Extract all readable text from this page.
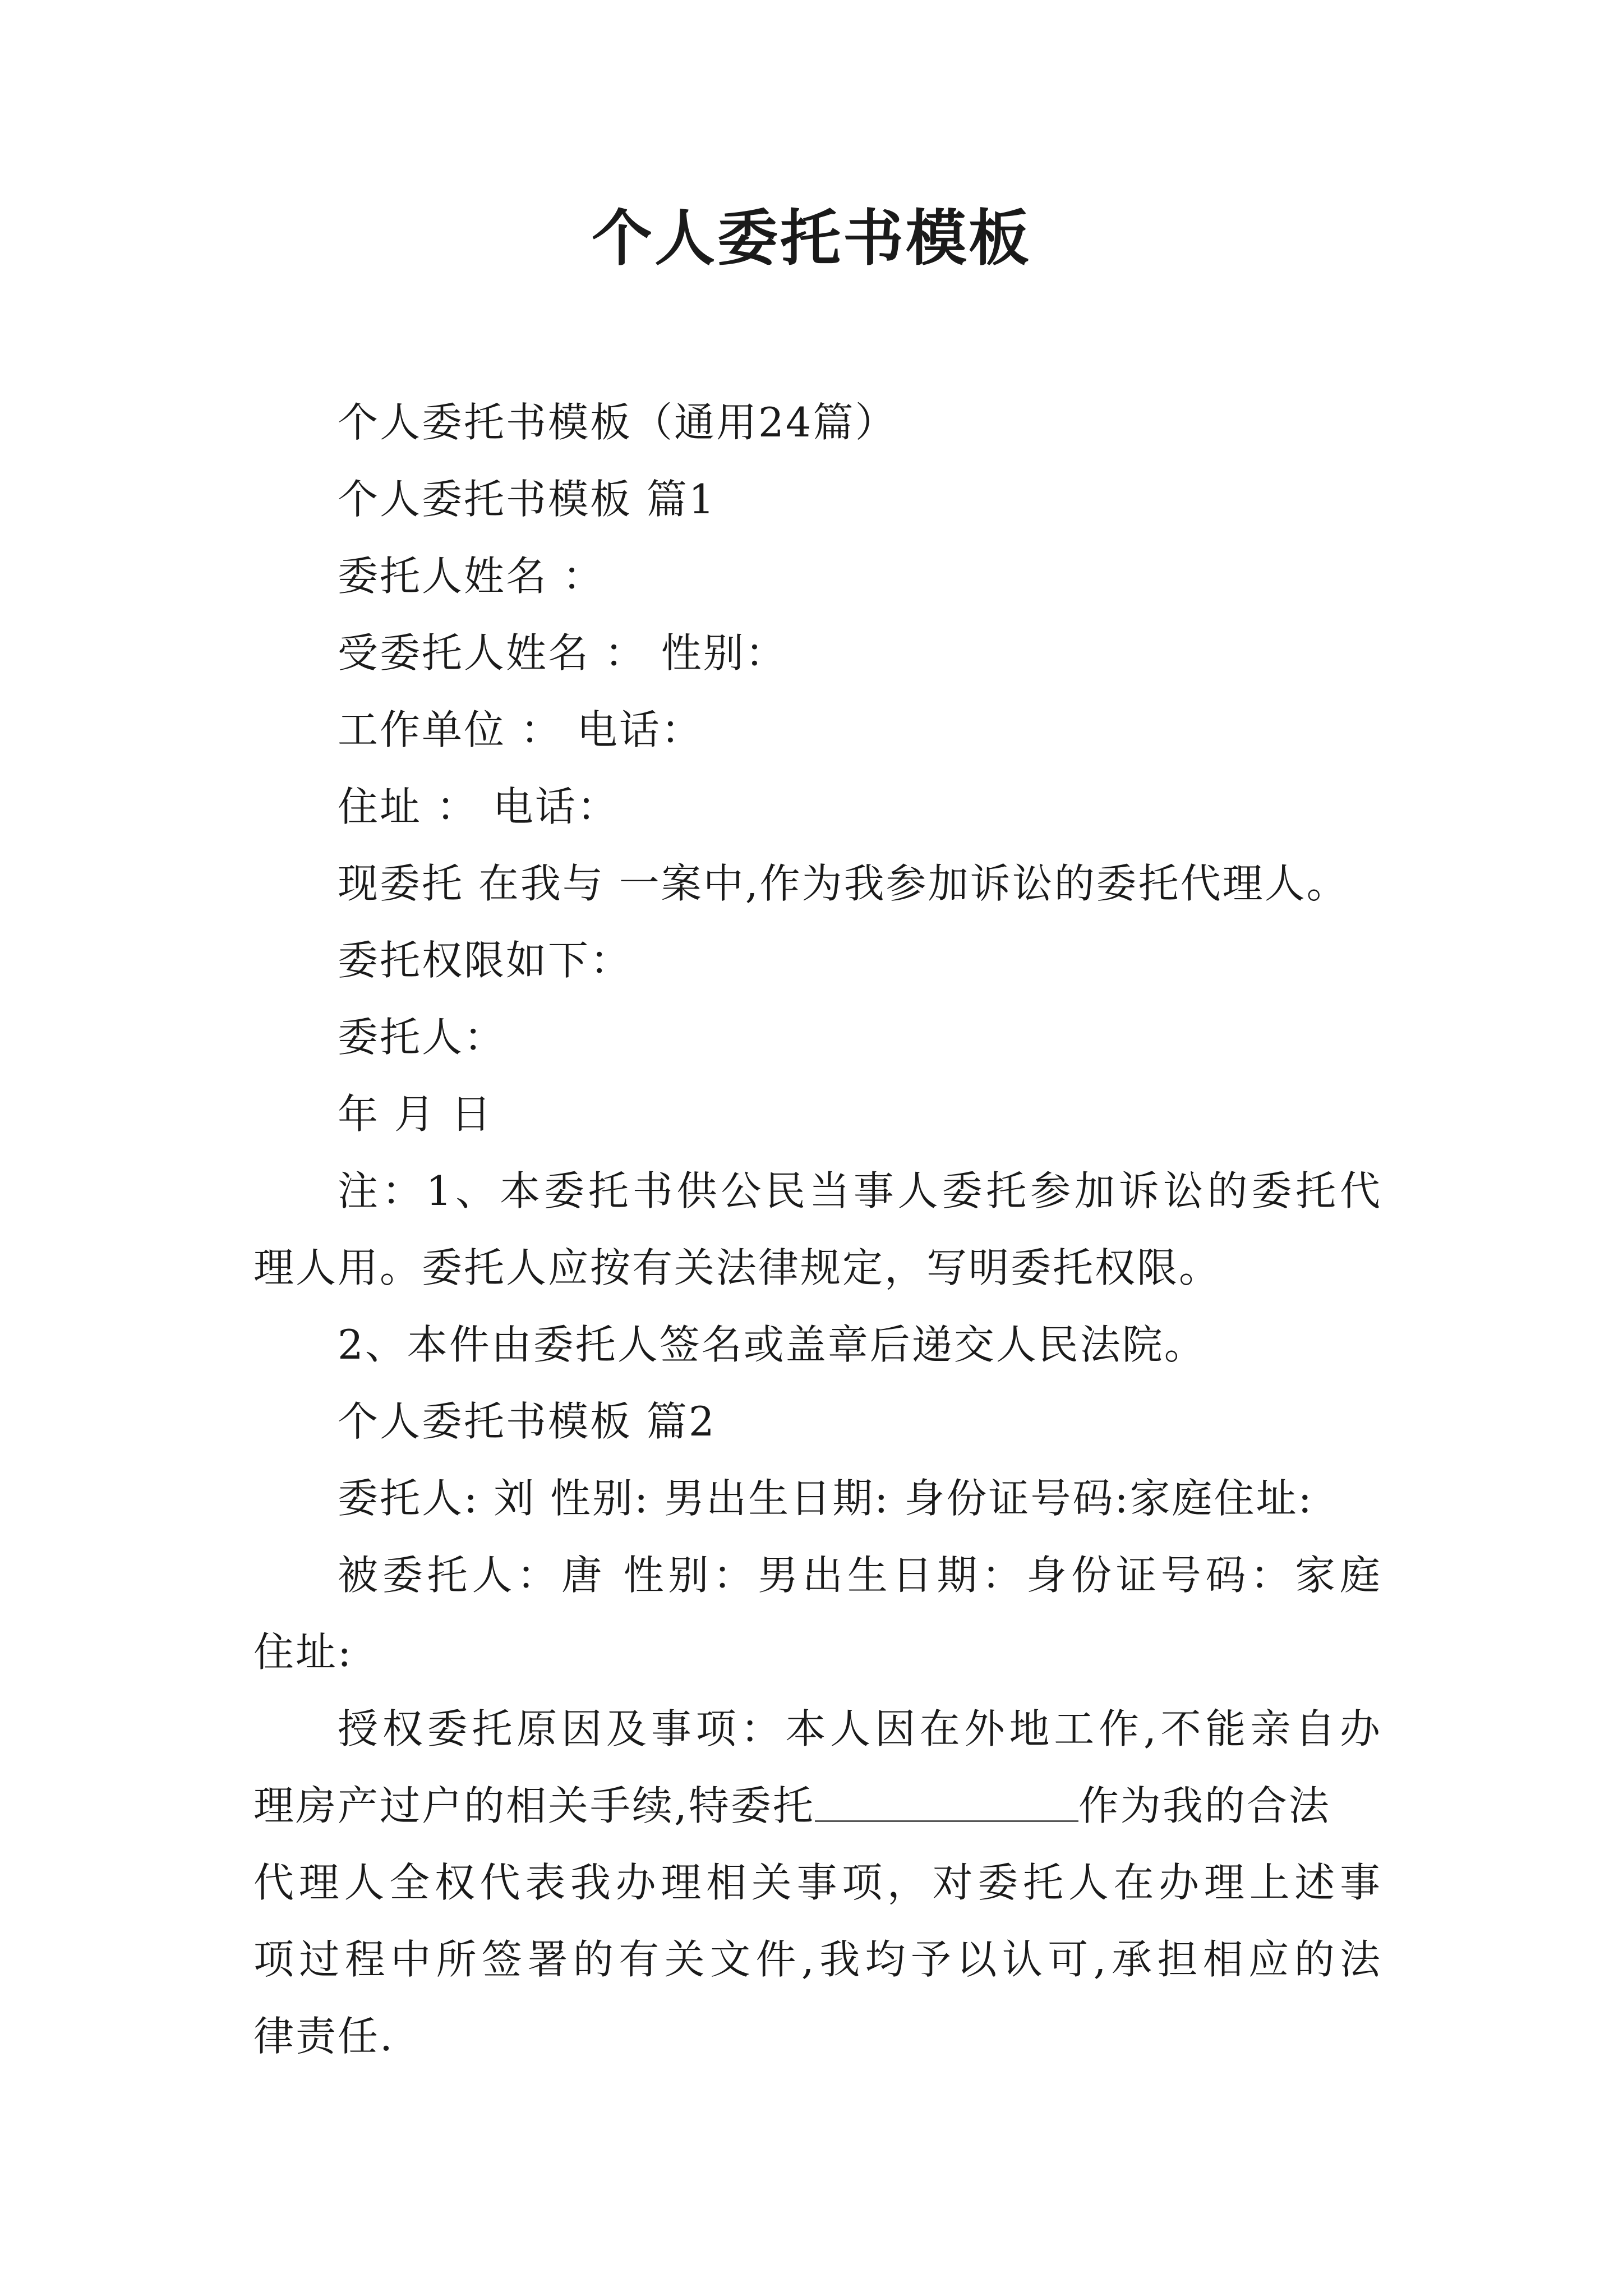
个人委托书模板
个人委托书模板（通用24篇）
个人委托书模板 篇1
委托人姓名 ：
受委托人姓名 ： 性别：
工作单位 ： 电话：
住址 ： 电话：
现委托 在我与 一案中,作为我参加诉讼的委托代理人。
委托权限如下：
委托人：
年 月 日
注：1、本委托书供公民当事人委托参加诉讼的委托代
理人用。委托人应按有关法律规定，写明委托权限。
2、本件由委托人签名或盖章后递交人民法院。
个人委托书模板 篇2
委托人: 刘 性别: 男出生日期: 身份证号码:家庭住址:
被委托人：唐 性别：男出生日期：身份证号码：家庭
住址:
授权委托原因及事项：本人因在外地工作,不能亲自办
理房产过户的相关手续,特委托	作为我的合法
代理人全权代表我办理相关事项，对委托人在办理上述事
项过程中所签署的有关文件,我均予以认可,承担相应的法
律责任.
